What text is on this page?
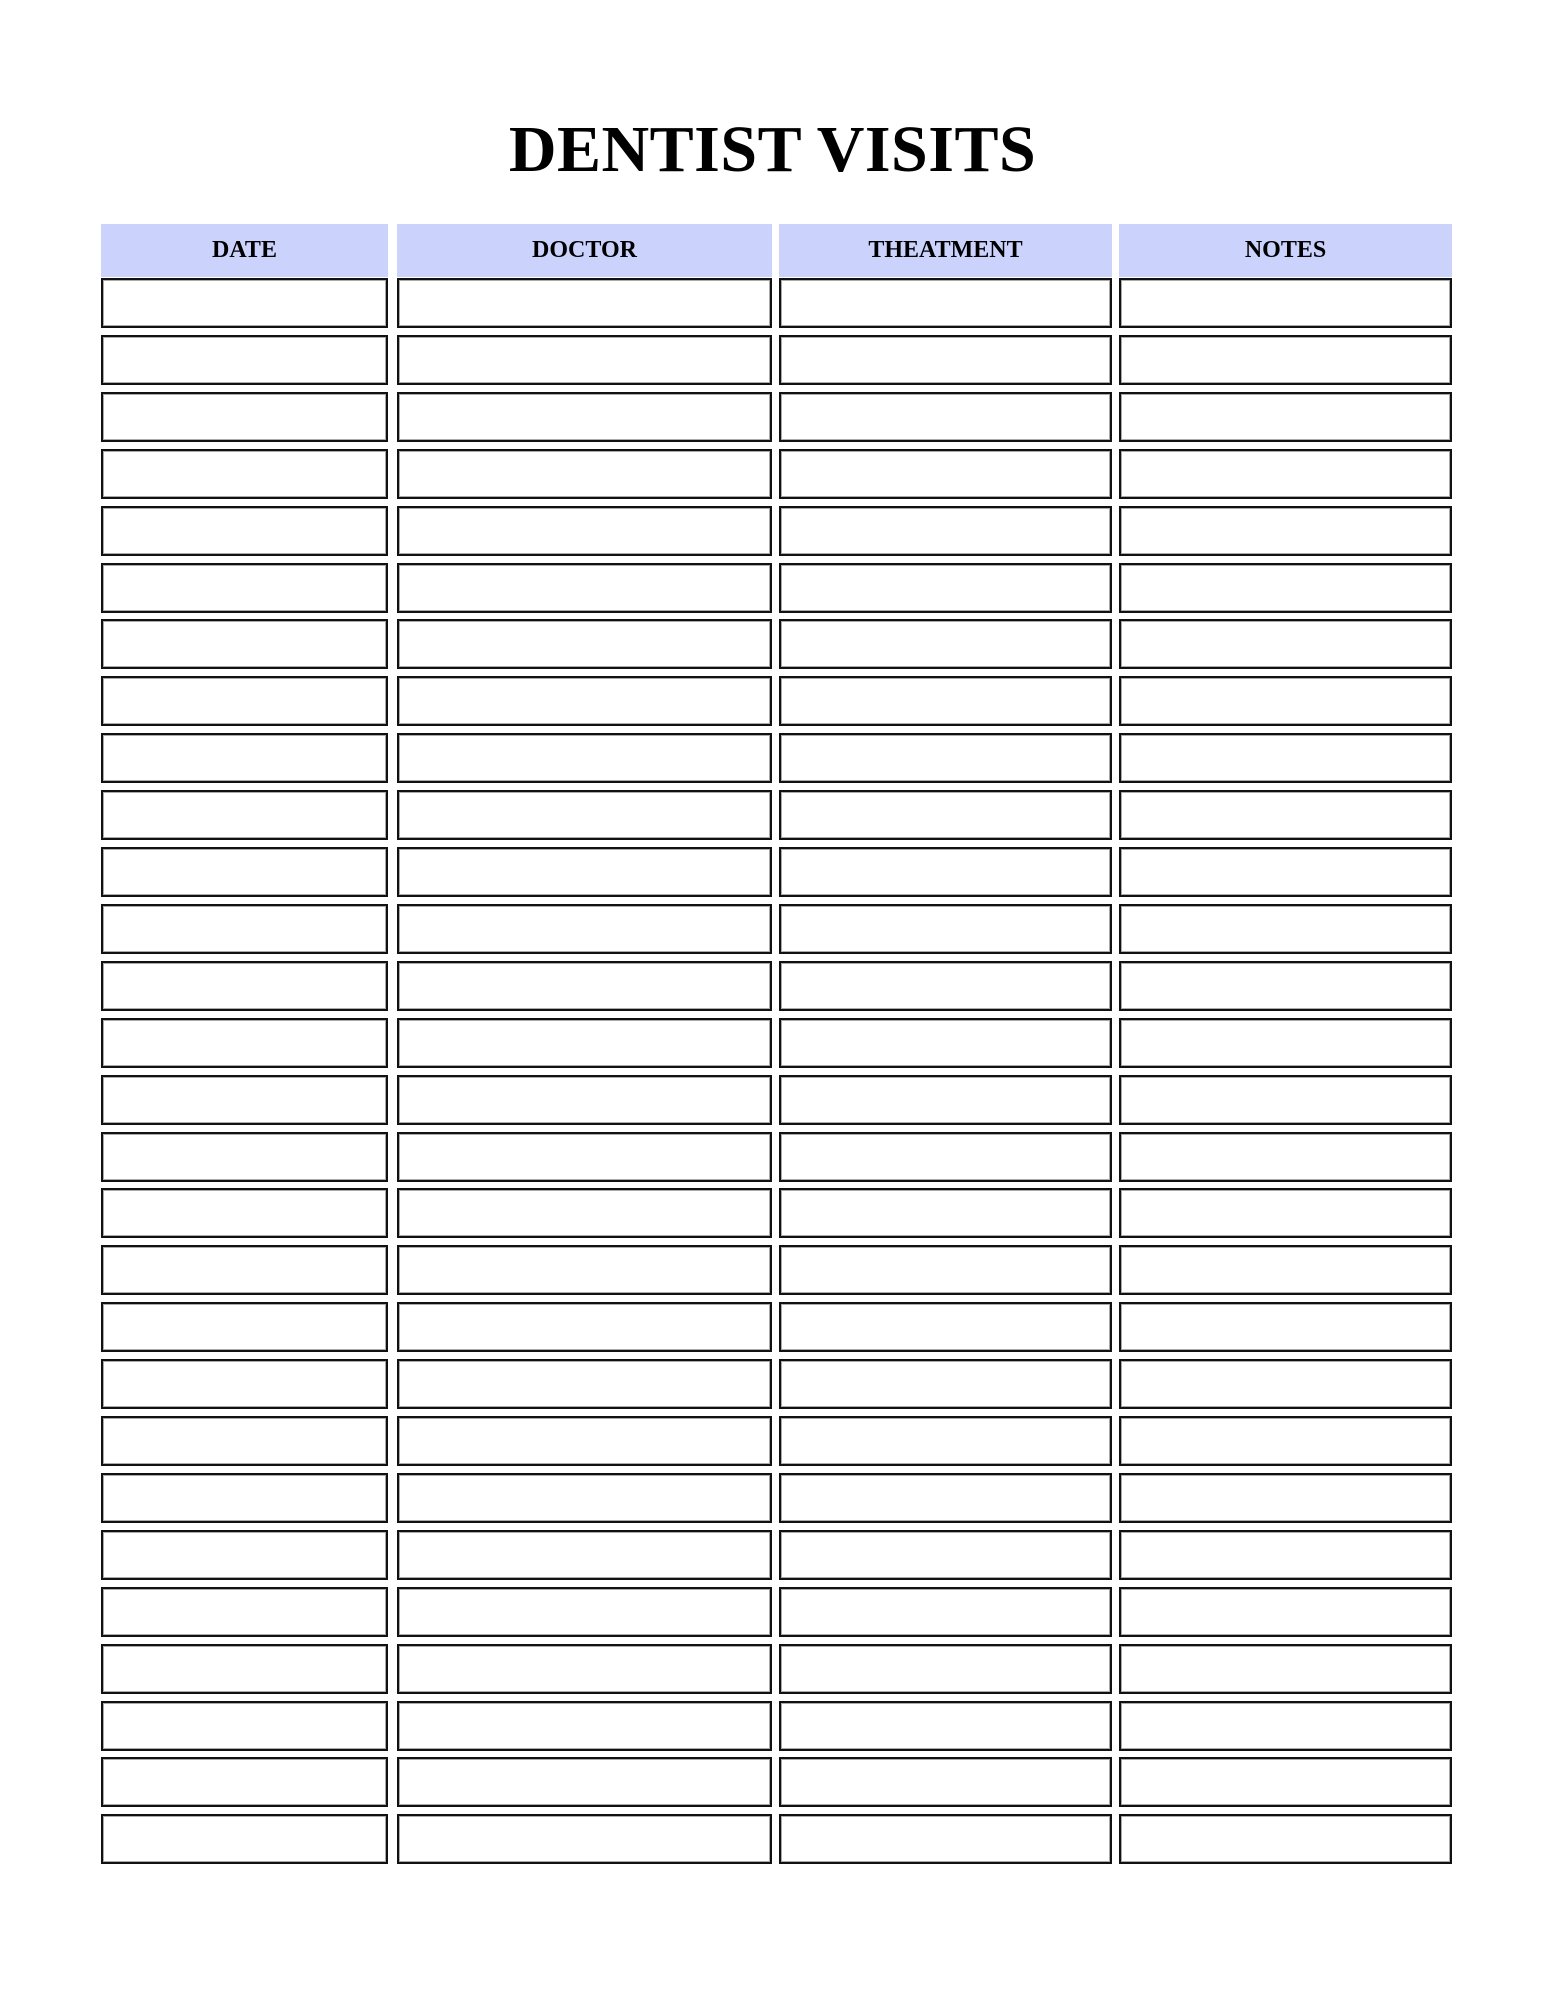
DENTIST VISITS
DATE	DOCTOR	THEATMENT	NOTES
